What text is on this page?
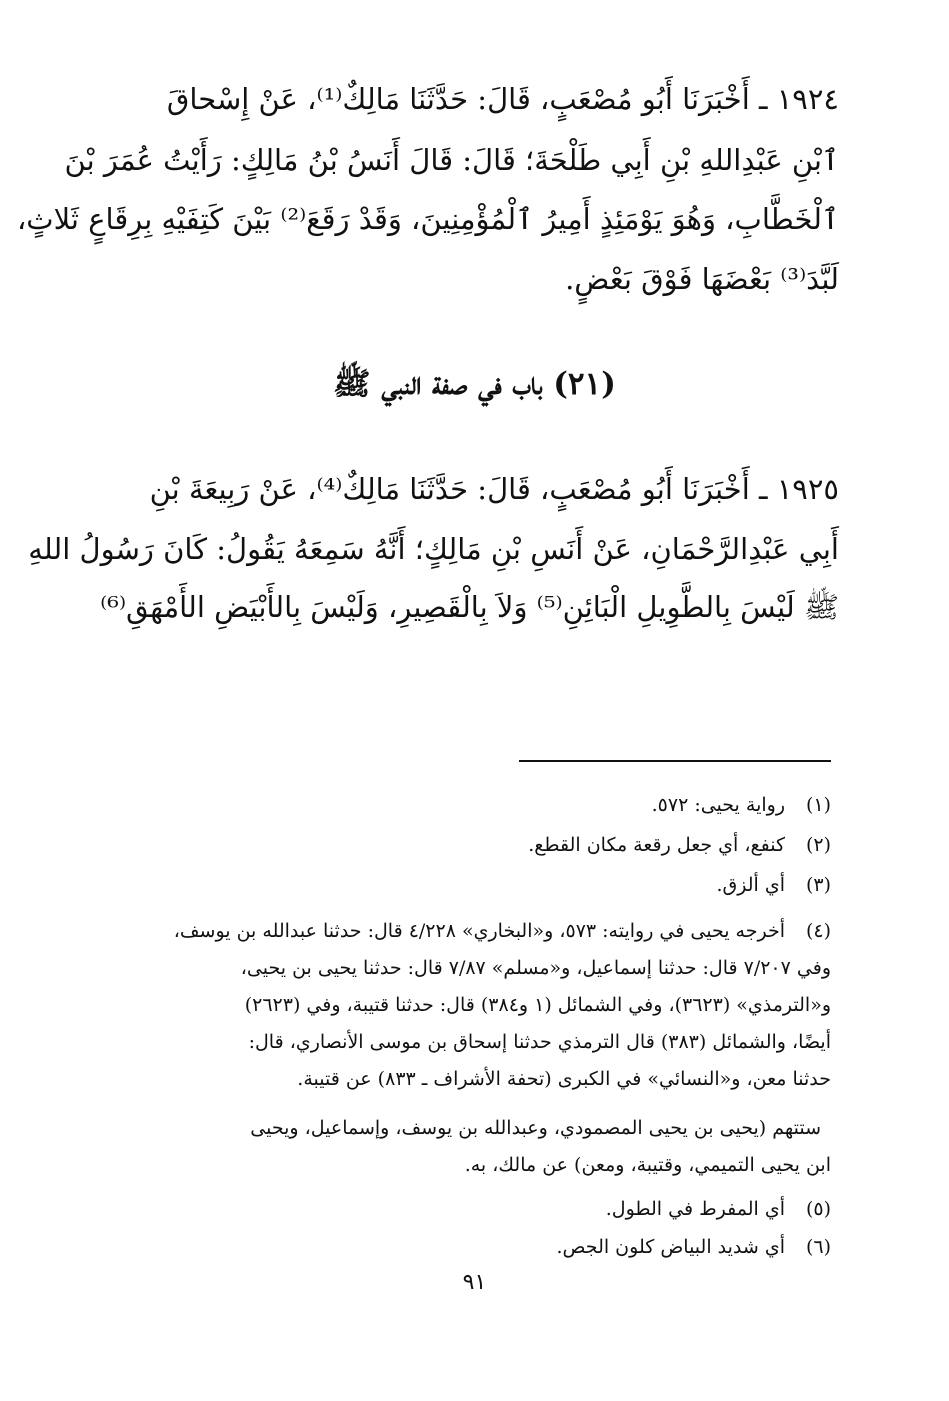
١٩٢٤ ـ أَخْبَرَنَا أَبُو مُصْعَبٍ، قَالَ: حَدَّثَنَا مَالِكٌ⁽¹⁾، عَنْ إِسْحاقَ
ٱبْنِ عَبْدِاللهِ بْنِ أَبِي طَلْحَةَ؛ قَالَ: قَالَ أَنَسُ بْنُ مَالِكٍ: رَأَيْتُ عُمَرَ بْنَ
ٱلْخَطَّابِ، وَهُوَ يَوْمَئِذٍ أَمِيرُ ٱلْمُؤْمِنِينَ، وَقَدْ رَقَعَ⁽²⁾ بَيْنَ كَتِفَيْهِ بِرِقَاعٍ ثَلاثٍ،
لَبَّدَ⁽³⁾ بَعْضَهَا فَوْقَ بَعْضٍ.
(٢١) باب في صفة النبي ﷺ
١٩٢٥ ـ أَخْبَرَنَا أَبُو مُصْعَبٍ، قَالَ: حَدَّثَنَا مَالِكٌ⁽⁴⁾، عَنْ رَبِيعَةَ بْنِ
أَبِي عَبْدِالرَّحْمَانِ، عَنْ أَنَسِ بْنِ مَالِكٍ؛ أَنَّهُ سَمِعَهُ يَقُولُ: كَانَ رَسُولُ اللهِ
ﷺ لَيْسَ بِالطَّوِيلِ الْبَائِنِ⁽⁵⁾ وَلاَ بِالْقَصِيرِ، وَلَيْسَ بِالأَبْيَضِ الأَمْهَقِ⁽⁶⁾
(١)
رواية يحيى: ٥٧٢.
(٢)
كنفع، أي جعل رقعة مكان القطع.
(٣)
أي ألزق.
(٤)
أخرجه يحيى في روايته: ٥٧٣، و«البخاري» ٤/٢٢٨ قال: حدثنا عبدالله بن يوسف،
وفي ٧/٢٠٧ قال: حدثنا إسماعيل، و«مسلم» ٧/٨٧ قال: حدثنا يحيى بن يحيى،
و«الترمذي» (٣٦٢٣)، وفي الشمائل (١ و٣٨٤) قال: حدثنا قتيبة، وفي (٢٦٢٣)
أيضًا، والشمائل (٣٨٣) قال الترمذي حدثنا إسحاق بن موسى الأنصاري، قال:
حدثنا معن، و«النسائي» في الكبرى (تحفة الأشراف ـ ٨٣٣) عن قتيبة.
ستتهم (يحيى بن يحيى المصمودي، وعبدالله بن يوسف، وإسماعيل، ويحيى
ابن يحيى التميمي، وقتيبة، ومعن) عن مالك، به.
(٥)
أي المفرط في الطول.
(٦)
أي شديد البياض كلون الجص.
٩١
